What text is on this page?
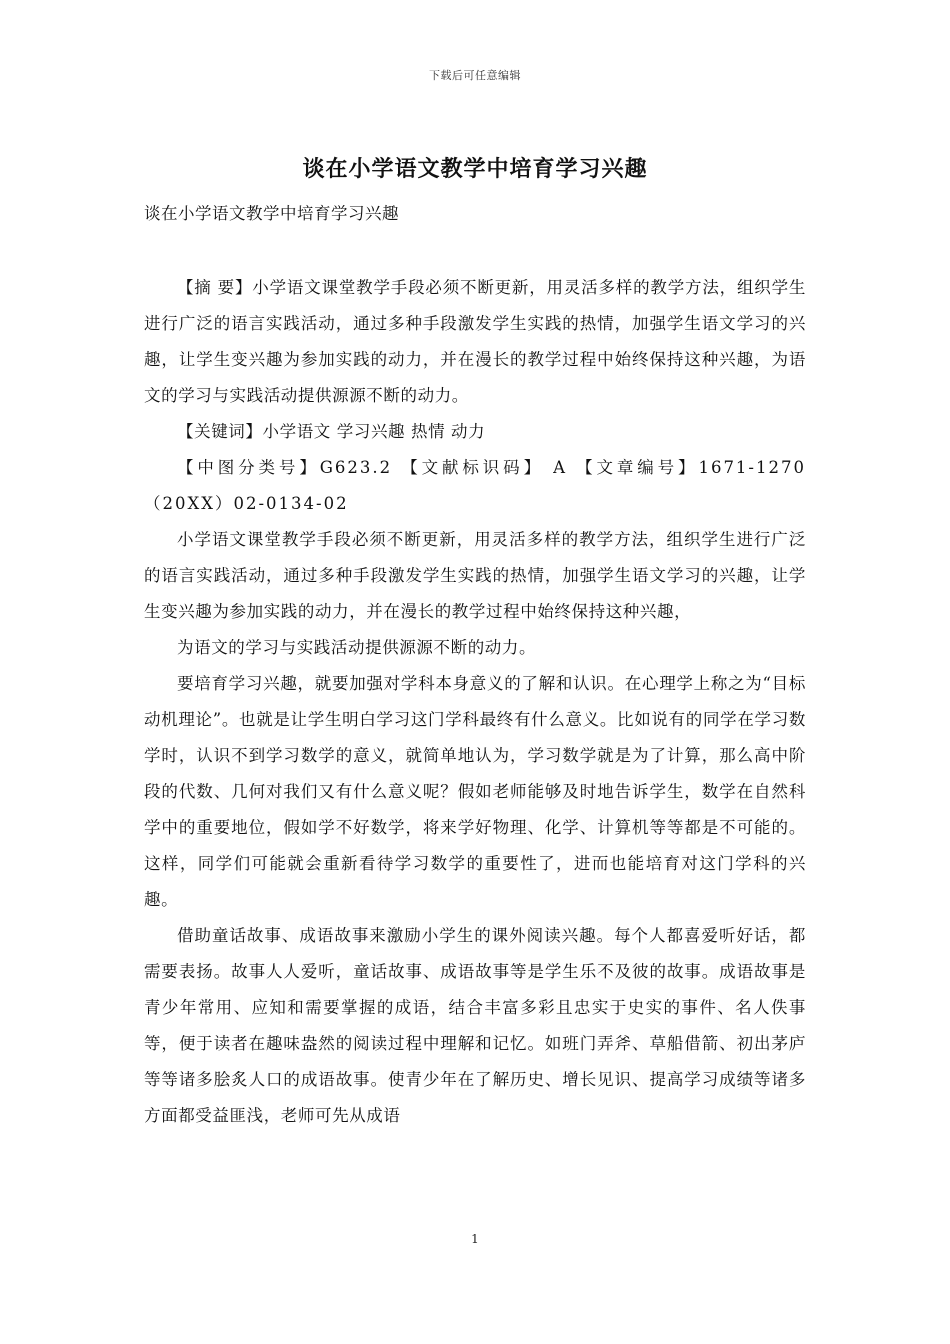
下载后可任意编辑
谈在小学语文教学中培育学习兴趣
谈在小学语文教学中培育学习兴趣

【摘 要】小学语文课堂教学手段必须不断更新，用灵活多样的教学方法，组织学生进行广泛的语言实践活动，通过多种手段激发学生实践的热情，加强学生语文学习的兴趣，让学生变兴趣为参加实践的动力，并在漫长的教学过程中始终保持这种兴趣，为语文的学习与实践活动提供源源不断的动力。

【关键词】小学语文 学习兴趣 热情 动力

【中图分类号】G623.2 【文献标识码】 A 【文章编号】1671-1270（20XX）02-0134-02

小学语文课堂教学手段必须不断更新，用灵活多样的教学方法，组织学生进行广泛的语言实践活动，通过多种手段激发学生实践的热情，加强学生语文学习的兴趣，让学生变兴趣为参加实践的动力，并在漫长的教学过程中始终保持这种兴趣，

为语文的学习与实践活动提供源源不断的动力。

要培育学习兴趣，就要加强对学科本身意义的了解和认识。在心理学上称之为“目标动机理论”。也就是让学生明白学习这门学科最终有什么意义。比如说有的同学在学习数学时，认识不到学习数学的意义，就简单地认为，学习数学就是为了计算，那么高中阶段的代数、几何对我们又有什么意义呢？假如老师能够及时地告诉学生，数学在自然科学中的重要地位，假如学不好数学，将来学好物理、化学、计算机等等都是不可能的。这样，同学们可能就会重新看待学习数学的重要性了，进而也能培育对这门学科的兴趣。

借助童话故事、成语故事来激励小学生的课外阅读兴趣。每个人都喜爱听好话，都需要表扬。故事人人爱听，童话故事、成语故事等是学生乐不及彼的故事。成语故事是青少年常用、应知和需要掌握的成语，结合丰富多彩且忠实于史实的事件、名人佚事等，便于读者在趣味盎然的阅读过程中理解和记忆。如班门弄斧、草船借箭、初出茅庐等等诸多脍炙人口的成语故事。使青少年在了解历史、增长见识、提高学习成绩等诸多方面都受益匪浅，老师可先从成语

1
